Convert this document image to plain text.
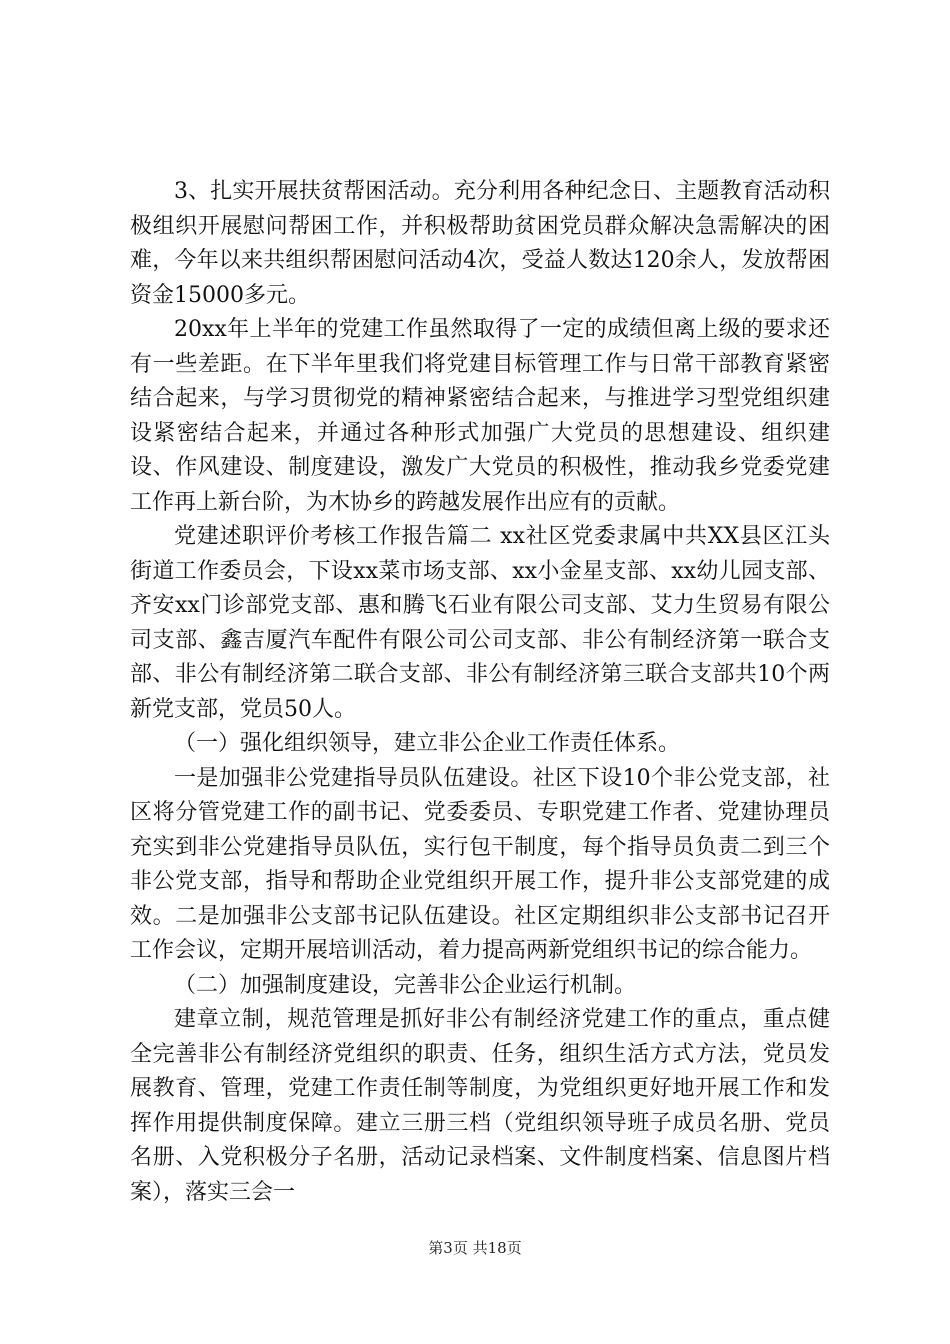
3、扎实开展扶贫帮困活动。充分利用各种纪念日、主题教育活动积极组织开展慰问帮困工作，并积极帮助贫困党员群众解决急需解决的困难，今年以来共组织帮困慰问活动4次，受益人数达120余人，发放帮困资金15000多元。

20xx年上半年的党建工作虽然取得了一定的成绩但离上级的要求还有一些差距。在下半年里我们将党建目标管理工作与日常干部教育紧密结合起来，与学习贯彻党的精神紧密结合起来，与推进学习型党组织建设紧密结合起来，并通过各种形式加强广大党员的思想建设、组织建设、作风建设、制度建设，激发广大党员的积极性，推动我乡党委党建工作再上新台阶，为木协乡的跨越发展作出应有的贡献。

党建述职评价考核工作报告篇二 xx社区党委隶属中共XX县区江头街道工作委员会，下设xx菜市场支部、xx小金星支部、xx幼儿园支部、齐安xx门诊部党支部、惠和腾飞石业有限公司支部、艾力生贸易有限公司支部、鑫吉厦汽车配件有限公司公司支部、非公有制经济第一联合支部、非公有制经济第二联合支部、非公有制经济第三联合支部共10个两新党支部，党员50人。

（一）强化组织领导，建立非公企业工作责任体系。

一是加强非公党建指导员队伍建设。社区下设10个非公党支部，社区将分管党建工作的副书记、党委委员、专职党建工作者、党建协理员充实到非公党建指导员队伍，实行包干制度，每个指导员负责二到三个非公党支部，指导和帮助企业党组织开展工作，提升非公支部党建的成效。二是加强非公支部书记队伍建设。社区定期组织非公支部书记召开工作会议，定期开展培训活动，着力提高两新党组织书记的综合能力。

（二）加强制度建设，完善非公企业运行机制。

建章立制，规范管理是抓好非公有制经济党建工作的重点，重点健全完善非公有制经济党组织的职责、任务，组织生活方式方法，党员发展教育、管理，党建工作责任制等制度，为党组织更好地开展工作和发挥作用提供制度保障。建立三册三档（党组织领导班子成员名册、党员名册、入党积极分子名册，活动记录档案、文件制度档案、信息图片档案），落实三会一

第3页 共18页
